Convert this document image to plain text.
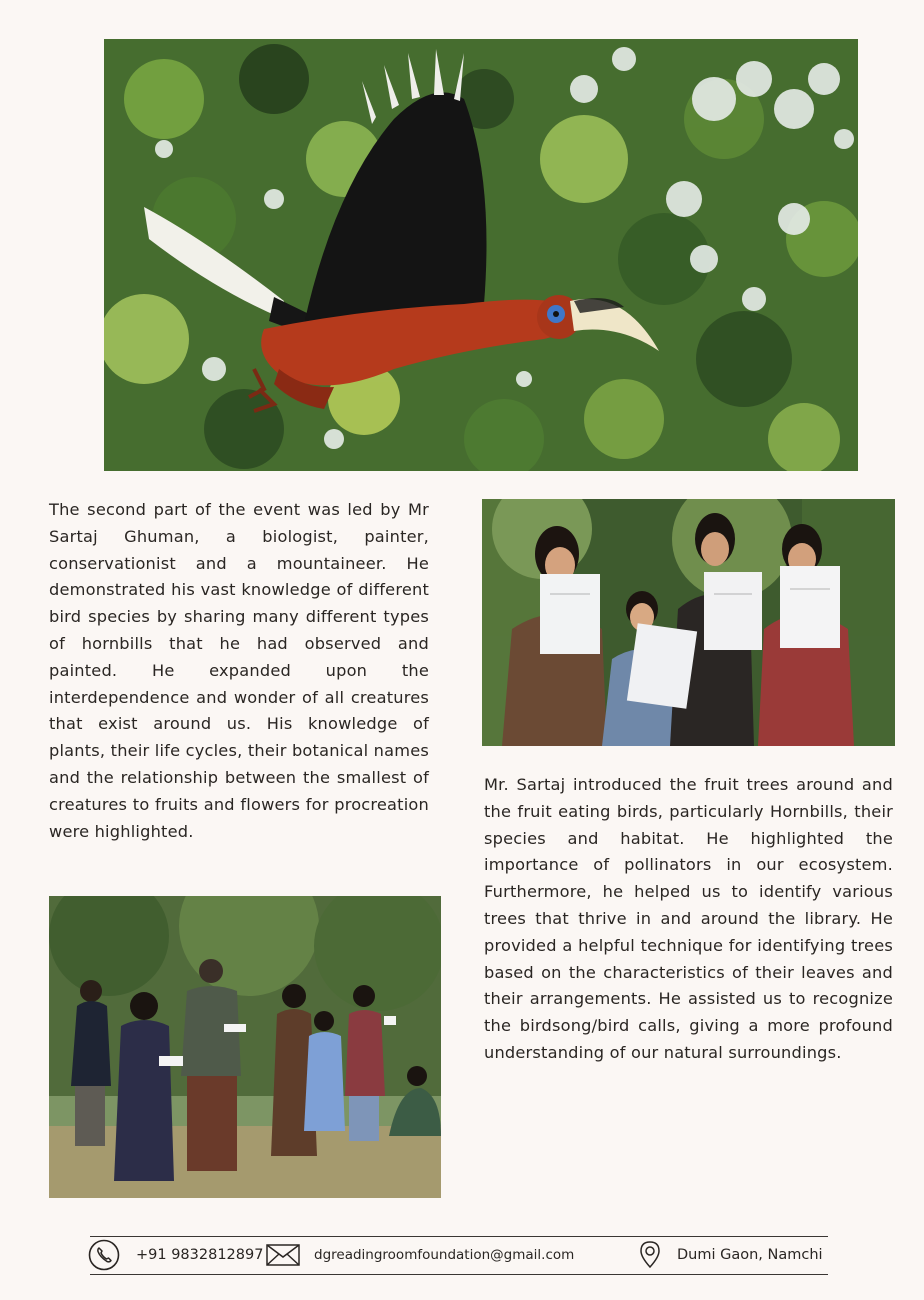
The second part of the event was led by Mr Sartaj Ghuman, a biologist, painter, conservationist and a mountaineer. He demonstrated his vast knowledge of different bird species by sharing many different types of hornbills that he had observed and painted. He expanded upon the interdependence and wonder of all creatures that exist around us. His knowledge of plants, their life cycles, their botanical names and the relationship between the smallest of creatures to fruits and flowers for procreation were highlighted.

Mr. Sartaj introduced the fruit trees around and the fruit eating birds, particularly Hornbills, their species and habitat. He highlighted the importance of pollinators in our ecosystem. Furthermore, he helped us to identify various trees that thrive in and around the library. He provided a helpful technique for identifying trees based on the characteristics of their leaves and their arrangements. He assisted us to recognize the birdsong/bird calls, giving a more profound understanding of our natural surroundings.

+91 9832812897	dgreadingroomfoundation@gmail.com	Dumi Gaon, Namchi
